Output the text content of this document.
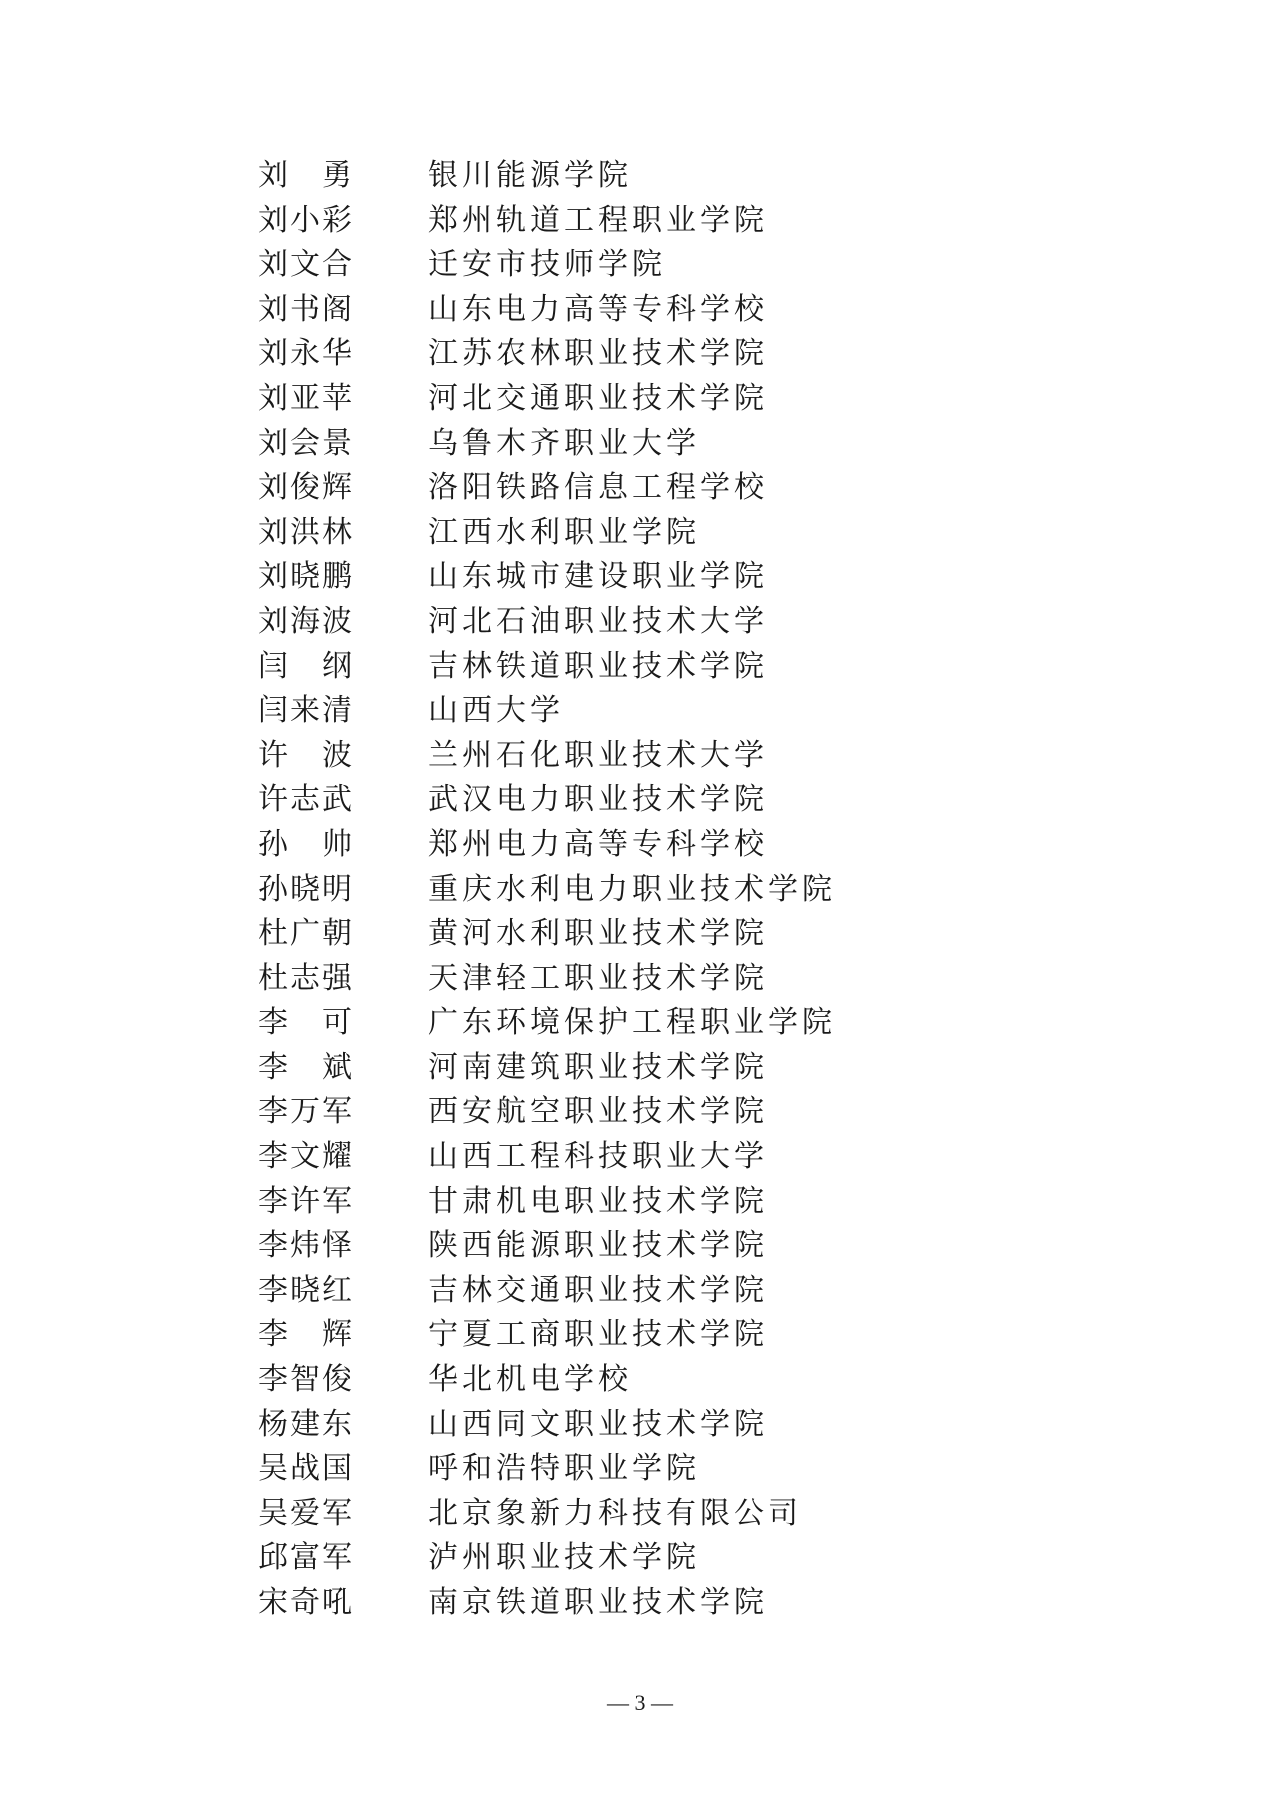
刘　勇	银川能源学院
刘小彩	郑州轨道工程职业学院
刘文合	迁安市技师学院
刘书阁	山东电力高等专科学校
刘永华	江苏农林职业技术学院
刘亚苹	河北交通职业技术学院
刘会景	乌鲁木齐职业大学
刘俊辉	洛阳铁路信息工程学校
刘洪林	江西水利职业学院
刘晓鹏	山东城市建设职业学院
刘海波	河北石油职业技术大学
闫　纲	吉林铁道职业技术学院
闫来清	山西大学
许　波	兰州石化职业技术大学
许志武	武汉电力职业技术学院
孙　帅	郑州电力高等专科学校
孙晓明	重庆水利电力职业技术学院
杜广朝	黄河水利职业技术学院
杜志强	天津轻工职业技术学院
李　可	广东环境保护工程职业学院
李　斌	河南建筑职业技术学院
李万军	西安航空职业技术学院
李文耀	山西工程科技职业大学
李许军	甘肃机电职业技术学院
李炜怿	陕西能源职业技术学院
李晓红	吉林交通职业技术学院
李　辉	宁夏工商职业技术学院
李智俊	华北机电学校
杨建东	山西同文职业技术学院
吴战国	呼和浩特职业学院
吴爱军	北京象新力科技有限公司
邱富军	泸州职业技术学院
宋奇吼	南京铁道职业技术学院
— 3 —
